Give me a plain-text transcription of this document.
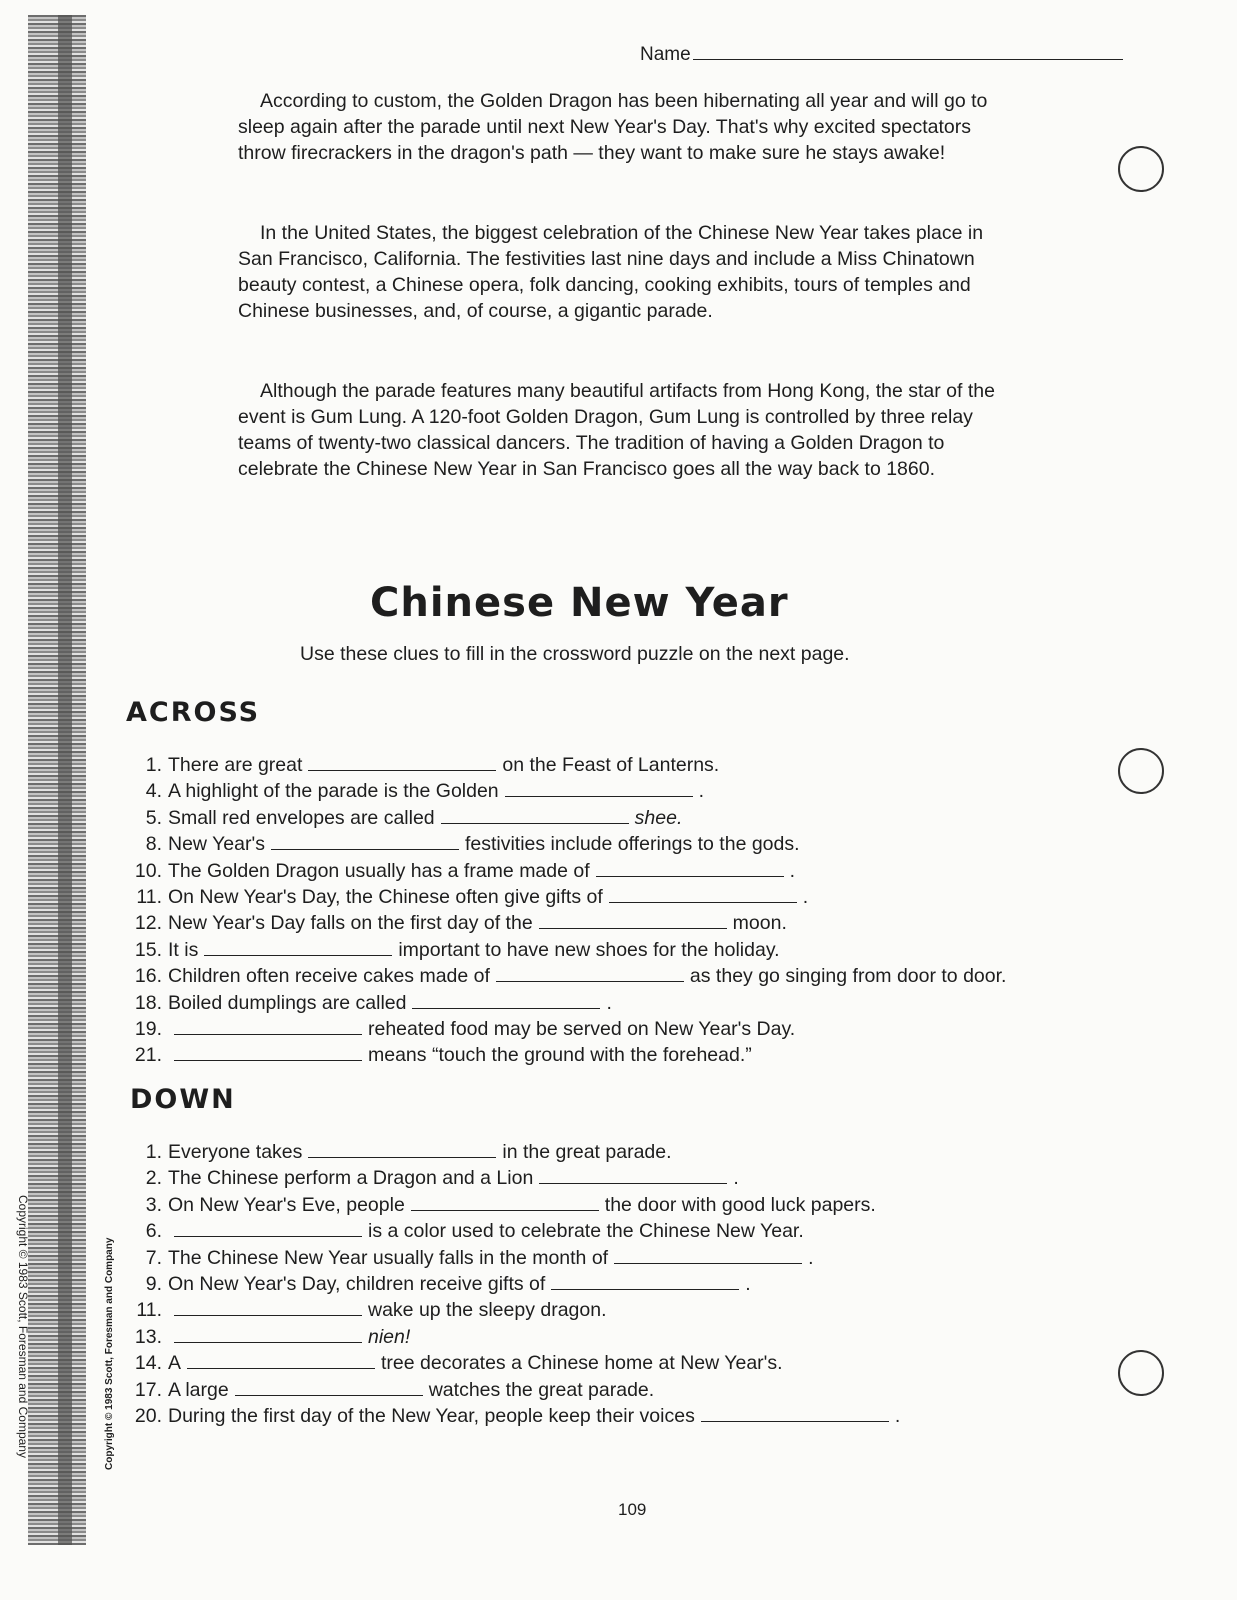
Copyright © 1983 Scott, Foresman and Company	Copyright © 1983 Scott, Foresman and Company
Name
According to custom, the Golden Dragon has been hibernating all year and will go to sleep again after the parade until next New Year's Day. That's why excited spectators throw firecrackers in the dragon's path — they want to make sure he stays awake!
In the United States, the biggest celebration of the Chinese New Year takes place in San Francisco, California. The festivities last nine days and include a Miss Chinatown beauty contest, a Chinese opera, folk dancing, cooking exhibits, tours of temples and Chinese businesses, and, of course, a gigantic parade.
Although the parade features many beautiful artifacts from Hong Kong, the star of the event is Gum Lung. A 120-foot Golden Dragon, Gum Lung is controlled by three relay teams of twenty-two classical dancers. The tradition of having a Golden Dragon to celebrate the Chinese New Year in San Francisco goes all the way back to 1860.
Chinese New Year
Use these clues to fill in the crossword puzzle on the next page.
ACROSS
1. There are great	on the Feast of Lanterns.
4. A highlight of the parade is the Golden	.
5. Small red envelopes are called	shee.
8. New Year's	festivities include offerings to the gods.
10. The Golden Dragon usually has a frame made of	.
11. On New Year's Day, the Chinese often give gifts of	.
12. New Year's Day falls on the first day of the	moon.
15. It is	important to have new shoes for the holiday.
16. Children often receive cakes made of	as they go singing from door to door.
18. Boiled dumplings are called	.
19.	reheated food may be served on New Year's Day.
21.	means “touch the ground with the forehead.”
DOWN
1. Everyone takes	in the great parade.
2. The Chinese perform a Dragon and a Lion	.
3. On New Year's Eve, people	the door with good luck papers.
6.	is a color used to celebrate the Chinese New Year.
7. The Chinese New Year usually falls in the month of	.
9. On New Year's Day, children receive gifts of	.
11.	wake up the sleepy dragon.
13.	nien!
14. A	tree decorates a Chinese home at New Year's.
17. A large	watches the great parade.
20. During the first day of the New Year, people keep their voices	.
109
